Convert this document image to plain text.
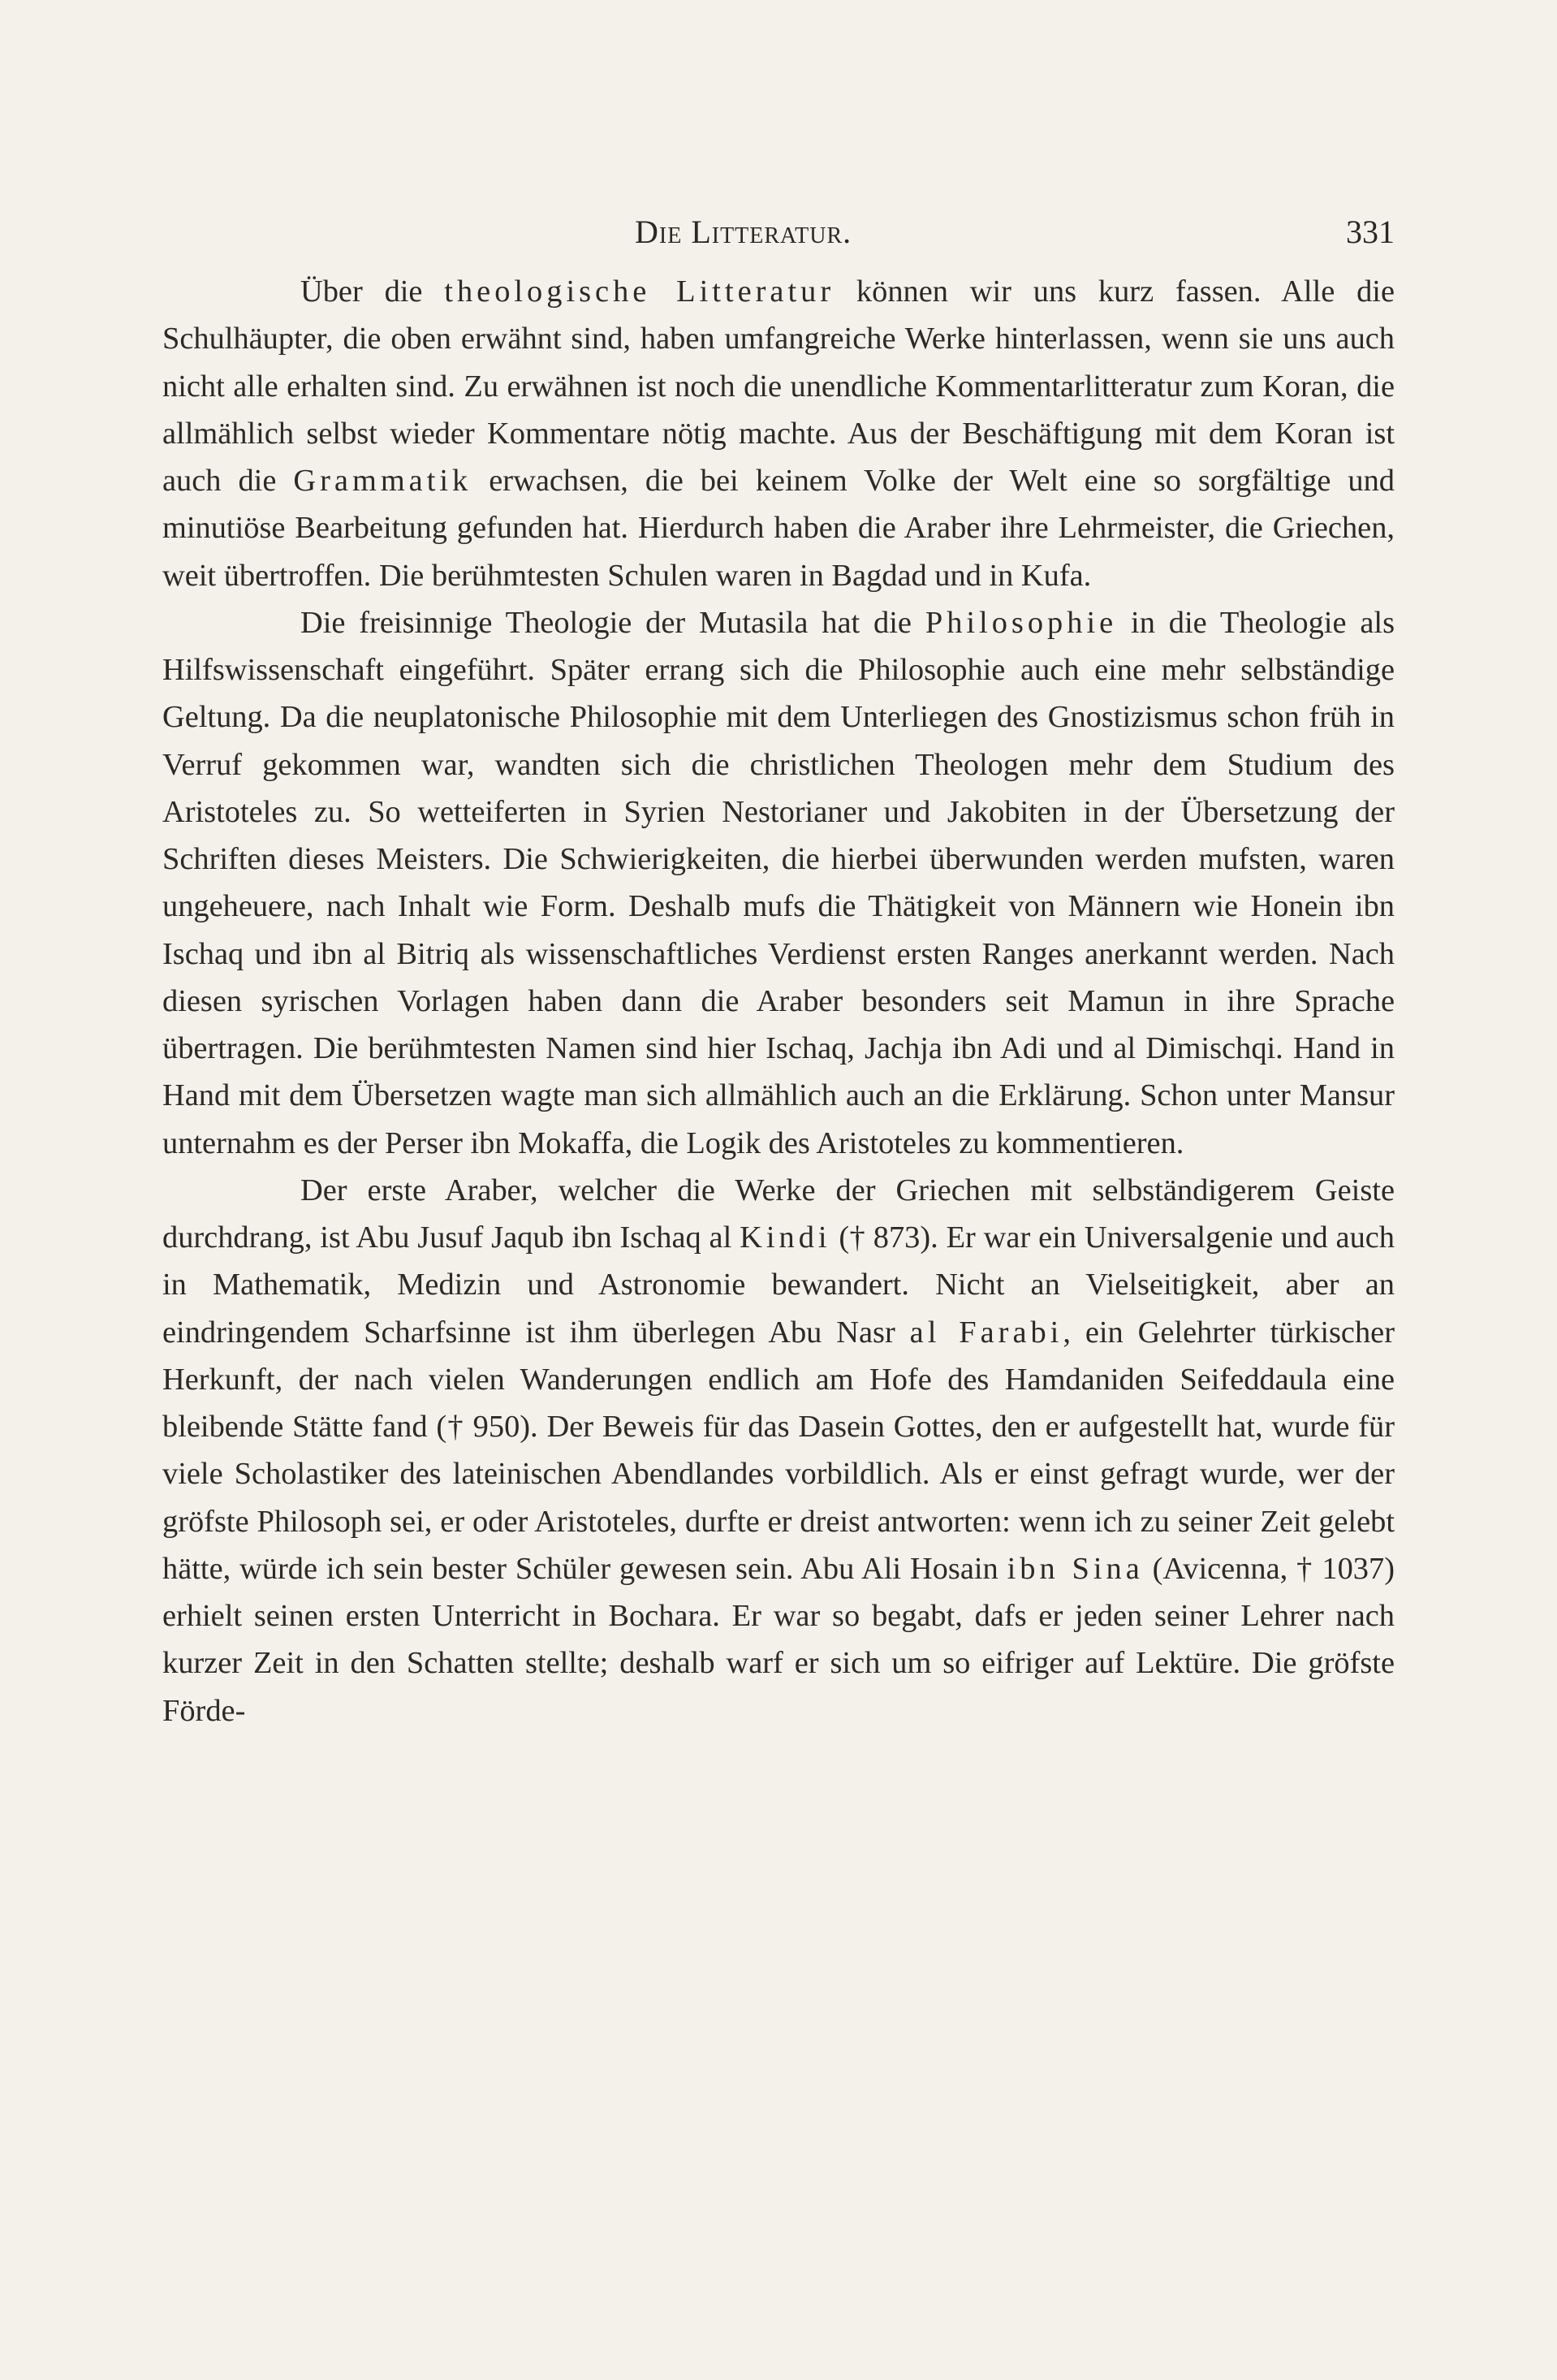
Die Litteratur.	331

Über die theologische Litteratur können wir uns kurz fassen. Alle die Schulhäupter, die oben erwähnt sind, haben umfangreiche Werke hinterlassen, wenn sie uns auch nicht alle erhalten sind. Zu erwähnen ist noch die unendliche Kommentarlitteratur zum Koran, die allmählich selbst wieder Kommentare nötig machte. Aus der Beschäftigung mit dem Koran ist auch die Grammatik erwachsen, die bei keinem Volke der Welt eine so sorgfältige und minutiöse Bearbeitung gefunden hat. Hierdurch haben die Araber ihre Lehrmeister, die Griechen, weit übertroffen. Die berühmtesten Schulen waren in Bagdad und in Kufa.

Die freisinnige Theologie der Mutasila hat die Philosophie in die Theologie als Hilfswissenschaft eingeführt. Später errang sich die Philosophie auch eine mehr selbständige Geltung. Da die neuplatonische Philosophie mit dem Unterliegen des Gnostizismus schon früh in Verruf gekommen war, wandten sich die christlichen Theologen mehr dem Studium des Aristoteles zu. So wetteiferten in Syrien Nestorianer und Jakobiten in der Übersetzung der Schriften dieses Meisters. Die Schwierigkeiten, die hierbei überwunden werden mufsten, waren ungeheuere, nach Inhalt wie Form. Deshalb mufs die Thätigkeit von Männern wie Honein ibn Ischaq und ibn al Bitriq als wissenschaftliches Verdienst ersten Ranges anerkannt werden. Nach diesen syrischen Vorlagen haben dann die Araber besonders seit Mamun in ihre Sprache übertragen. Die berühmtesten Namen sind hier Ischaq, Jachja ibn Adi und al Dimischqi. Hand in Hand mit dem Übersetzen wagte man sich allmählich auch an die Erklärung. Schon unter Mansur unternahm es der Perser ibn Mokaffa, die Logik des Aristoteles zu kommentieren.

Der erste Araber, welcher die Werke der Griechen mit selbständigerem Geiste durchdrang, ist Abu Jusuf Jaqub ibn Ischaq al Kindi († 873). Er war ein Universalgenie und auch in Mathematik, Medizin und Astronomie bewandert. Nicht an Vielseitigkeit, aber an eindringendem Scharfsinne ist ihm überlegen Abu Nasr al Farabi, ein Gelehrter türkischer Herkunft, der nach vielen Wanderungen endlich am Hofe des Hamdaniden Seifeddaula eine bleibende Stätte fand († 950). Der Beweis für das Dasein Gottes, den er aufgestellt hat, wurde für viele Scholastiker des lateinischen Abendlandes vorbildlich. Als er einst gefragt wurde, wer der gröfste Philosoph sei, er oder Aristoteles, durfte er dreist antworten: wenn ich zu seiner Zeit gelebt hätte, würde ich sein bester Schüler gewesen sein. Abu Ali Hosain ibn Sina (Avicenna, † 1037) erhielt seinen ersten Unterricht in Bochara. Er war so begabt, dafs er jeden seiner Lehrer nach kurzer Zeit in den Schatten stellte; deshalb warf er sich um so eifriger auf Lektüre. Die gröfste Förde-
